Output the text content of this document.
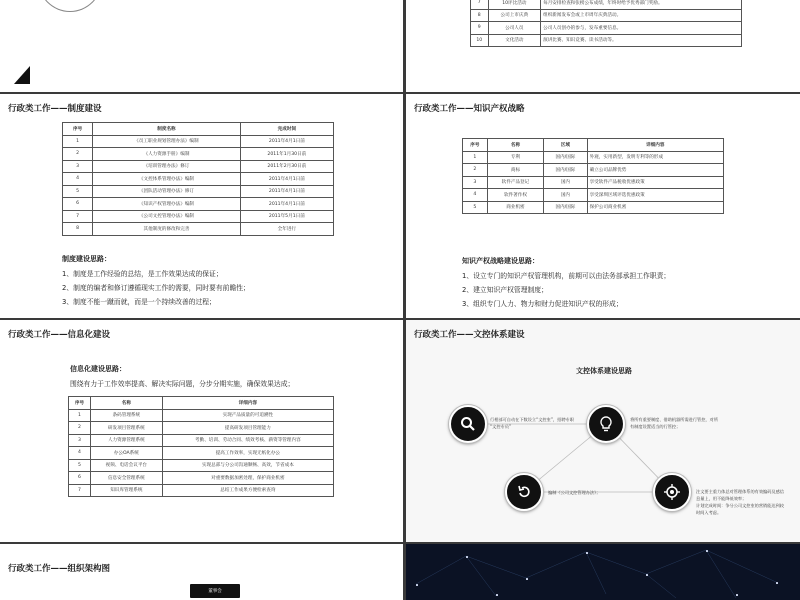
7	10评比活动	每月安排检查和张榜公布成绩，年终时给予优秀部门奖励。
8	公司上市庆典	组织新闻发布会或上市周年庆典活动。
9	公司人员	公司人员创办的参与，发布重要信息。
10	文化活动	演讲比赛、知识竞赛、读书活动等。
行政类工作——制度建设
序号	制度名称	完成时间
1	《员工职业规划管理办法》编制	2011年4月1日前
2	《人力资源手册》编制	2011年1月30日前
3	《培训管理办法》修订	2011年2月30日前
4	《文控体系管理办法》编制	2011年4月1日前
5	《团队活动管理办法》修订	2011年4月1日前
6	《知识产权管理办法》编制	2011年4月1日前
7	《公司文控管理办法》编制	2011年5月1日前
8	其他制度的修改和完善	全年进行
制度建设思路：
1、制度是工作经验的总结，是工作效果达成的保证；
2、制度的编者和修订遵循现实工作的需要，同时要有前瞻性；
3、制度不能一蹴而就，而是一个持续改善的过程；
行政类工作——知识产权战略
序号	名称	区域	详细内容
1	专利	国内/国际	外观，实用新型，发明专利等的形成
2	商标	国内/国际	确立公司品牌优势
3	软件产品登记	国内	享受软件产品税收优惠政策
4	软件著作权	国内	享受深圳区域评选优惠政策
5	商业机密	国内/国际	保护公司商业机密
知识产权战略建设思路：
1、设立专门的知识产权管理机构，前期可以由法务部承担工作职责；
2、建立知识产权管理制度；
3、组织专门人力、物力和财力促进知识产权的形成；
行政类工作——信息化建设
信息化建设思路：
围绕有力于工作效率提高、解决实际问题，分步分期实施，确保效果达成；
序号	名称	详细内容
1	条码管理系统	实现产品质量的可追溯性
2	研发项目管理系统	提高研发项目管理能力
3	人力资源管理系统	考勤、培训、劳动合同、绩效考核、薪资等管理内容
4	办公OA系统	提高工作效率，实现无纸化办公
5	视频、电话会议平台	实现总部与分公司沟通顺畅、高效，节省成本
6	信息安全管理系统	对重要数据加密处理，保护商业机密
7	知识库管理系统	总结工作成果方便检索查询
行政类工作——文控体系建设
文控体系建设思路
行相部可自动在下数设立“文控室”，招聘专职
“文控专员”
将所有重要制度、借助机器所需进行管控，对所
有制度设置适当的行管控；
编制《公司文控管理办法》；	注文要主重力体总对管理体系的有效编码及感信
息量上，用不能降低效率；
计划完成时间：争分公司文控室的营销能达到较
时间入考虑。
行政类工作——组织架构图
董事会
